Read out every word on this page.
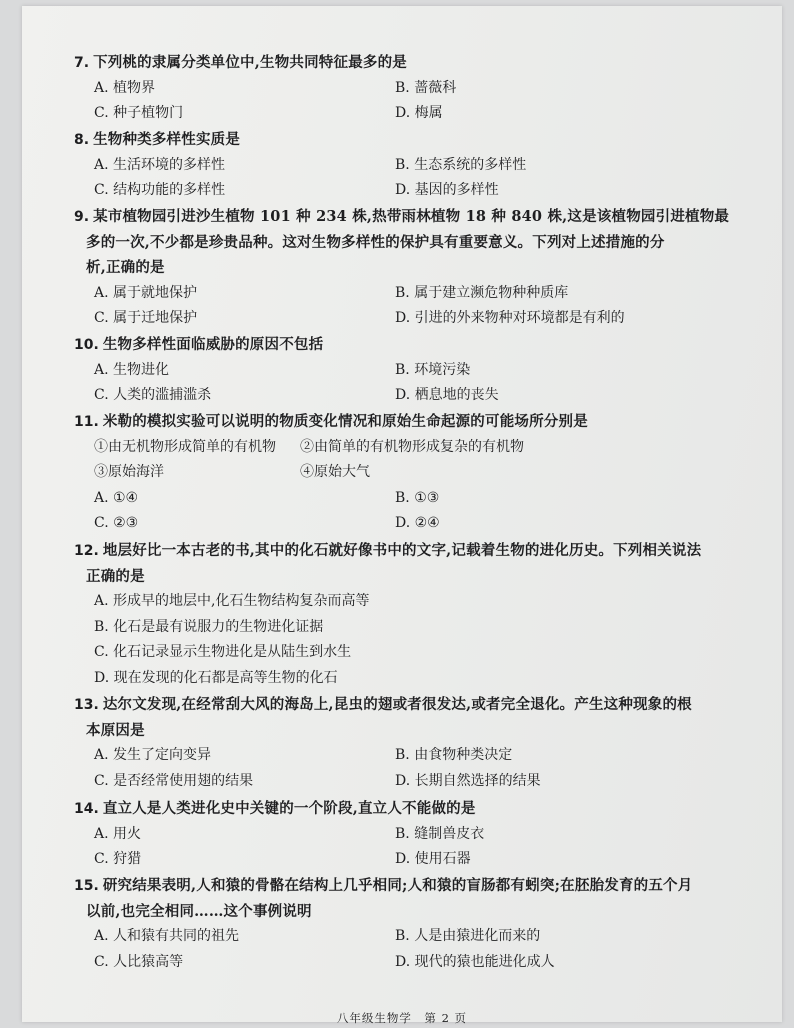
7. 下列桃的隶属分类单位中,生物共同特征最多的是
A. 植物界	B. 蔷薇科
C. 种子植物门	D. 梅属
8. 生物种类多样性实质是
A. 生活环境的多样性	B. 生态系统的多样性
C. 结构功能的多样性	D. 基因的多样性
9. 某市植物园引进沙生植物 101 种 234 株,热带雨林植物 18 种 840 株,这是该植物园引进植物最
多的一次,不少都是珍贵品种。这对生物多样性的保护具有重要意义。下列对上述措施的分
析,正确的是
A. 属于就地保护	B. 属于建立濒危物种种质库
C. 属于迁地保护	D. 引进的外来物种对环境都是有利的
10. 生物多样性面临威胁的原因不包括
A. 生物进化	B. 环境污染
C. 人类的滥捕滥杀	D. 栖息地的丧失
11. 米勒的模拟实验可以说明的物质变化情况和原始生命起源的可能场所分别是
①由无机物形成简单的有机物 ②由简单的有机物形成复杂的有机物
③原始海洋	④原始大气
A. ①④	B. ①③
C. ②③	D. ②④
12. 地层好比一本古老的书,其中的化石就好像书中的文字,记载着生物的进化历史。下列相关说法
正确的是
A. 形成早的地层中,化石生物结构复杂而高等
B. 化石是最有说服力的生物进化证据
C. 化石记录显示生物进化是从陆生到水生
D. 现在发现的化石都是高等生物的化石
13. 达尔文发现,在经常刮大风的海岛上,昆虫的翅或者很发达,或者完全退化。产生这种现象的根
本原因是
A. 发生了定向变异	B. 由食物种类决定
C. 是否经常使用翅的结果	D. 长期自然选择的结果
14. 直立人是人类进化史中关键的一个阶段,直立人不能做的是
A. 用火	B. 缝制兽皮衣
C. 狩猎	D. 使用石器
15. 研究结果表明,人和猿的骨骼在结构上几乎相同;人和猿的盲肠都有蚓突;在胚胎发育的五个月
以前,也完全相同……这个事例说明
A. 人和猿有共同的祖先	B. 人是由猿进化而来的
C. 人比猿高等	D. 现代的猿也能进化成人
八年级生物学　第 2 页
